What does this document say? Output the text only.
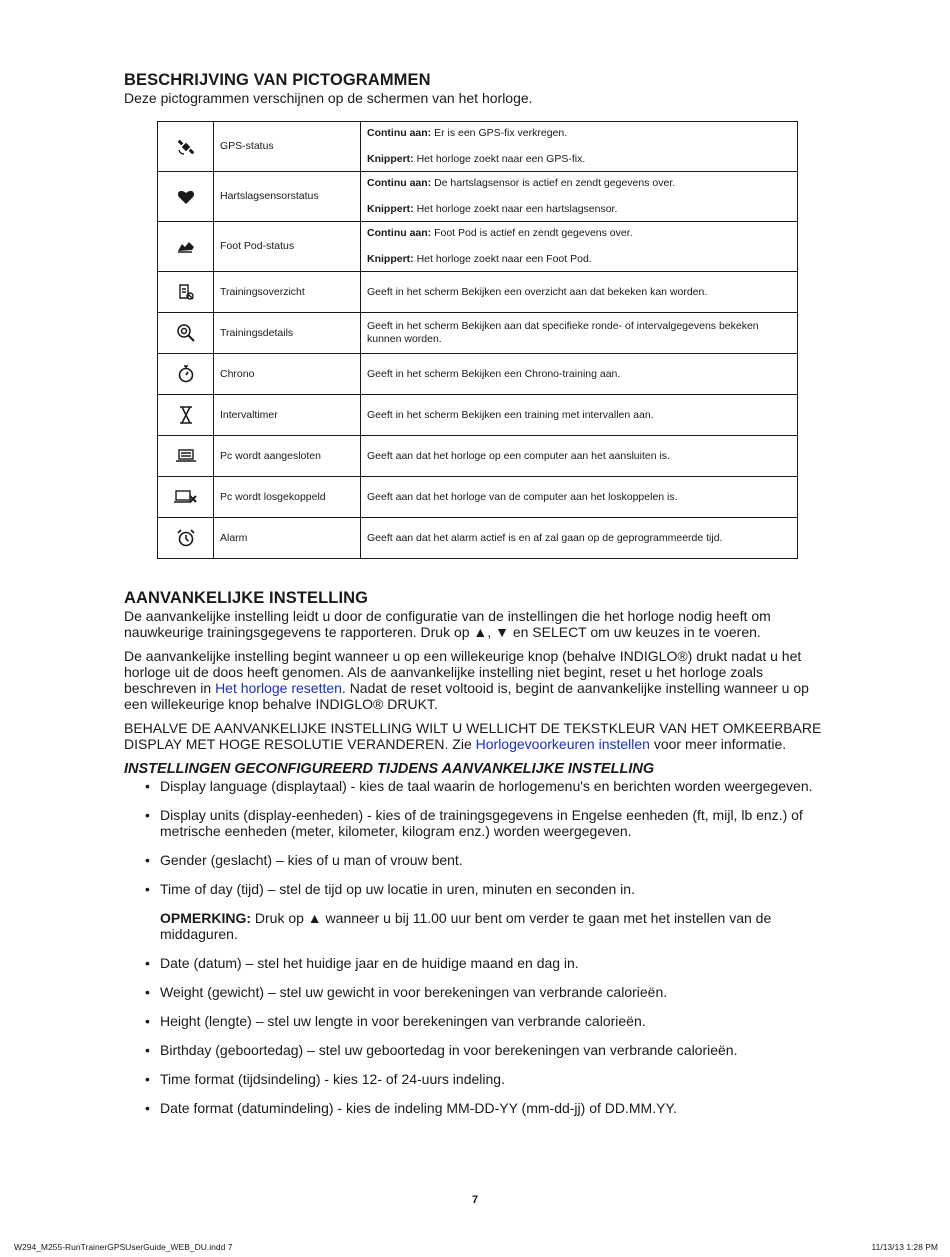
BESCHRIJVING VAN PICTOGRAMMEN

Deze pictogrammen verschijnen op de schermen van het horloge.

	GPS-status	Continu aan: Er is een GPS-fix verkregen.
Knippert: Het horloge zoekt naar een GPS-fix.

	Hartslagsensorstatus	Continu aan: De hartslagsensor is actief en zendt gegevens over.
Knippert: Het horloge zoekt naar een hartslagsensor.

	Foot Pod-status	Continu aan: Foot Pod is actief en zendt gegevens over.
Knippert: Het horloge zoekt naar een Foot Pod.

	Trainingsoverzicht	Geeft in het scherm Bekijken een overzicht aan dat bekeken kan worden.

	Trainingsdetails	Geeft in het scherm Bekijken aan dat specifieke ronde- of intervalgegevens bekeken kunnen worden.

	Chrono	Geeft in het scherm Bekijken een Chrono-training aan.

	Intervaltimer	Geeft in het scherm Bekijken een training met intervallen aan.

	Pc wordt aangesloten	Geeft aan dat het horloge op een computer aan het aansluiten is.

	Pc wordt losgekoppeld	Geeft aan dat het horloge van de computer aan het loskoppelen is.

	Alarm	Geeft aan dat het alarm actief is en af zal gaan op de geprogrammeerde tijd.
AANVANKELIJKE INSTELLING

De aanvankelijke instelling leidt u door de configuratie van de instellingen die het horloge nodig heeft om nauwkeurige trainingsgegevens te rapporteren. Druk op ▲, ▼ en SELECT om uw keuzes in te voeren.

De aanvankelijke instelling begint wanneer u op een willekeurige knop (behalve INDIGLO®) drukt nadat u het horloge uit de doos heeft genomen. Als de aanvankelijke instelling niet begint, reset u het horloge zoals beschreven in Het horloge resetten. Nadat de reset voltooid is, begint de aanvankelijke instelling wanneer u op een willekeurige knop behalve INDIGLO® DRUKT.

BEHALVE DE AANVANKELIJKE INSTELLING WILT U WELLICHT DE TEKSTKLEUR VAN HET OMKEERBARE DISPLAY MET HOGE RESOLUTIE VERANDEREN. Zie Horlogevoorkeuren instellen voor meer informatie.

INSTELLINGEN GECONFIGUREERD TIJDENS AANVANKELIJKE INSTELLING
• Display language (displaytaal) - kies de taal waarin de horlogemenu's en berichten worden weergegeven.
• Display units (display-eenheden) - kies of de trainingsgegevens in Engelse eenheden (ft, mijl, lb enz.) of metrische eenheden (meter, kilometer, kilogram enz.) worden weergegeven.
• Gender (geslacht) – kies of u man of vrouw bent.
• Time of day (tijd) – stel de tijd op uw locatie in uren, minuten en seconden in.
OPMERKING: Druk op ▲ wanneer u bij 11.00 uur bent om verder te gaan met het instellen van de middaguren.
• Date (datum) – stel het huidige jaar en de huidige maand en dag in.
• Weight (gewicht) – stel uw gewicht in voor berekeningen van verbrande calorieën.
• Height (lengte) – stel uw lengte in voor berekeningen van verbrande calorieën.
• Birthday (geboortedag) – stel uw geboortedag in voor berekeningen van verbrande calorieën.
• Time format (tijdsindeling) - kies 12- of 24-uurs indeling.
• Date format (datumindeling) - kies de indeling MM-DD-YY (mm-dd-jj) of DD.MM.YY.
7
W294_M255-RunTrainerGPSUserGuide_WEB_DU.indd 7	11/13/13 1:28 PM
